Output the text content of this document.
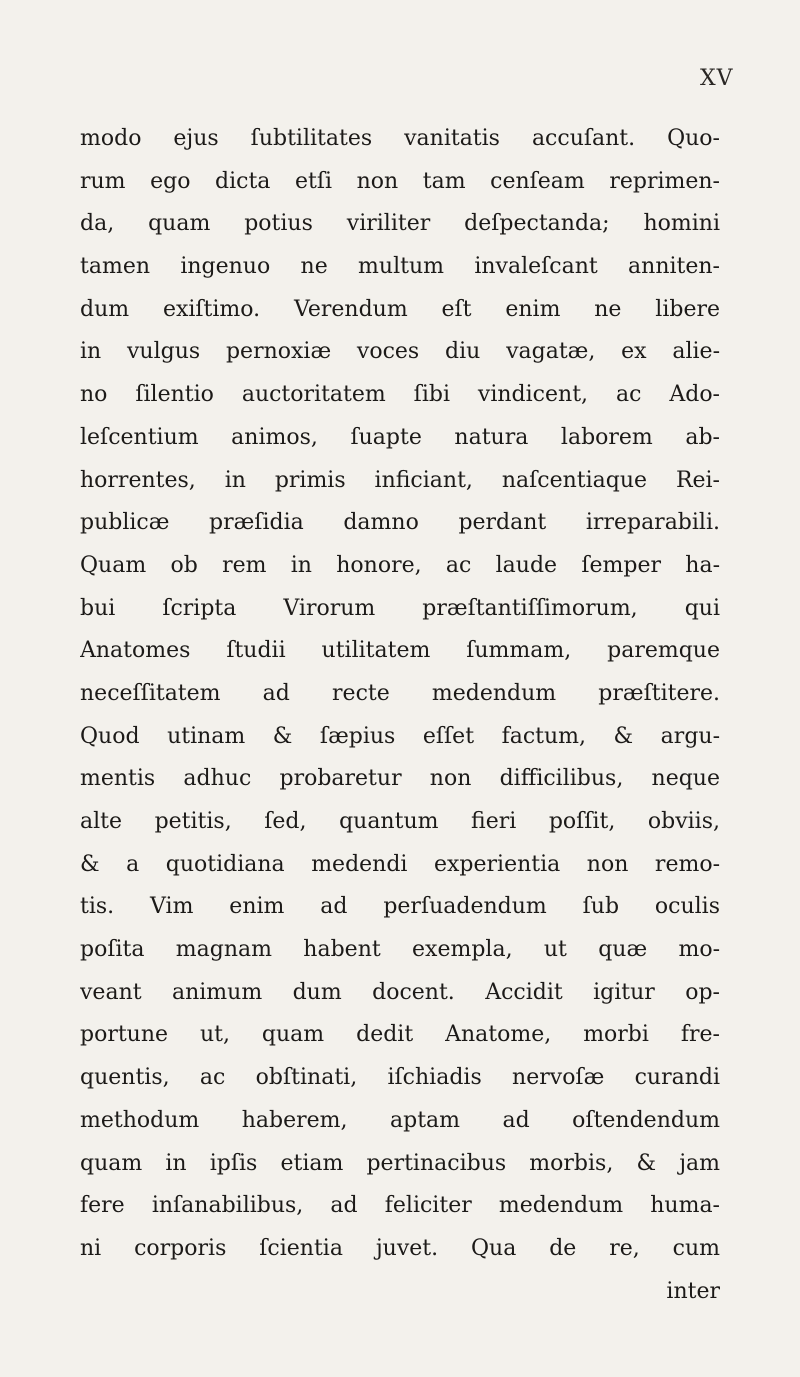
XV
modo ejus ſubtilitates vanitatis accuſant. Quo-
rum ego dicta etſi non tam cenſeam reprimen-
da, quam potius viriliter deſpectanda; homini
tamen ingenuo ne multum invaleſcant anniten-
dum exiſtimo. Verendum eſt enim ne libere
in vulgus pernoxiæ voces diu vagatæ, ex alie-
no ſilentio auctoritatem ſibi vindicent, ac Ado-
leſcentium animos, ſuapte natura laborem ab-
horrentes, in primis inficiant, naſcentiaque Rei-
publicæ præſidia damno perdant irreparabili.
Quam ob rem in honore, ac laude ſemper ha-
bui ſcripta Virorum præſtantiſſimorum, qui
Anatomes ſtudii utilitatem ſummam, paremque
neceſſitatem ad recte medendum præſtitere.
Quod utinam & ſæpius eſſet factum, & argu-
mentis adhuc probaretur non difficilibus, neque
alte petitis, ſed, quantum fieri poſſit, obviis,
& a quotidiana medendi experientia non remo-
tis. Vim enim ad perſuadendum ſub oculis
poſita magnam habent exempla, ut quæ mo-
veant animum dum docent. Accidit igitur op-
portune ut, quam dedit Anatome, morbi fre-
quentis, ac obſtinati, iſchiadis nervoſæ curandi
methodum haberem, aptam ad oſtendendum
quam in ipſis etiam pertinacibus morbis, & jam
fere inſanabilibus, ad feliciter medendum huma-
ni corporis ſcientia juvet. Qua de re, cum
inter
